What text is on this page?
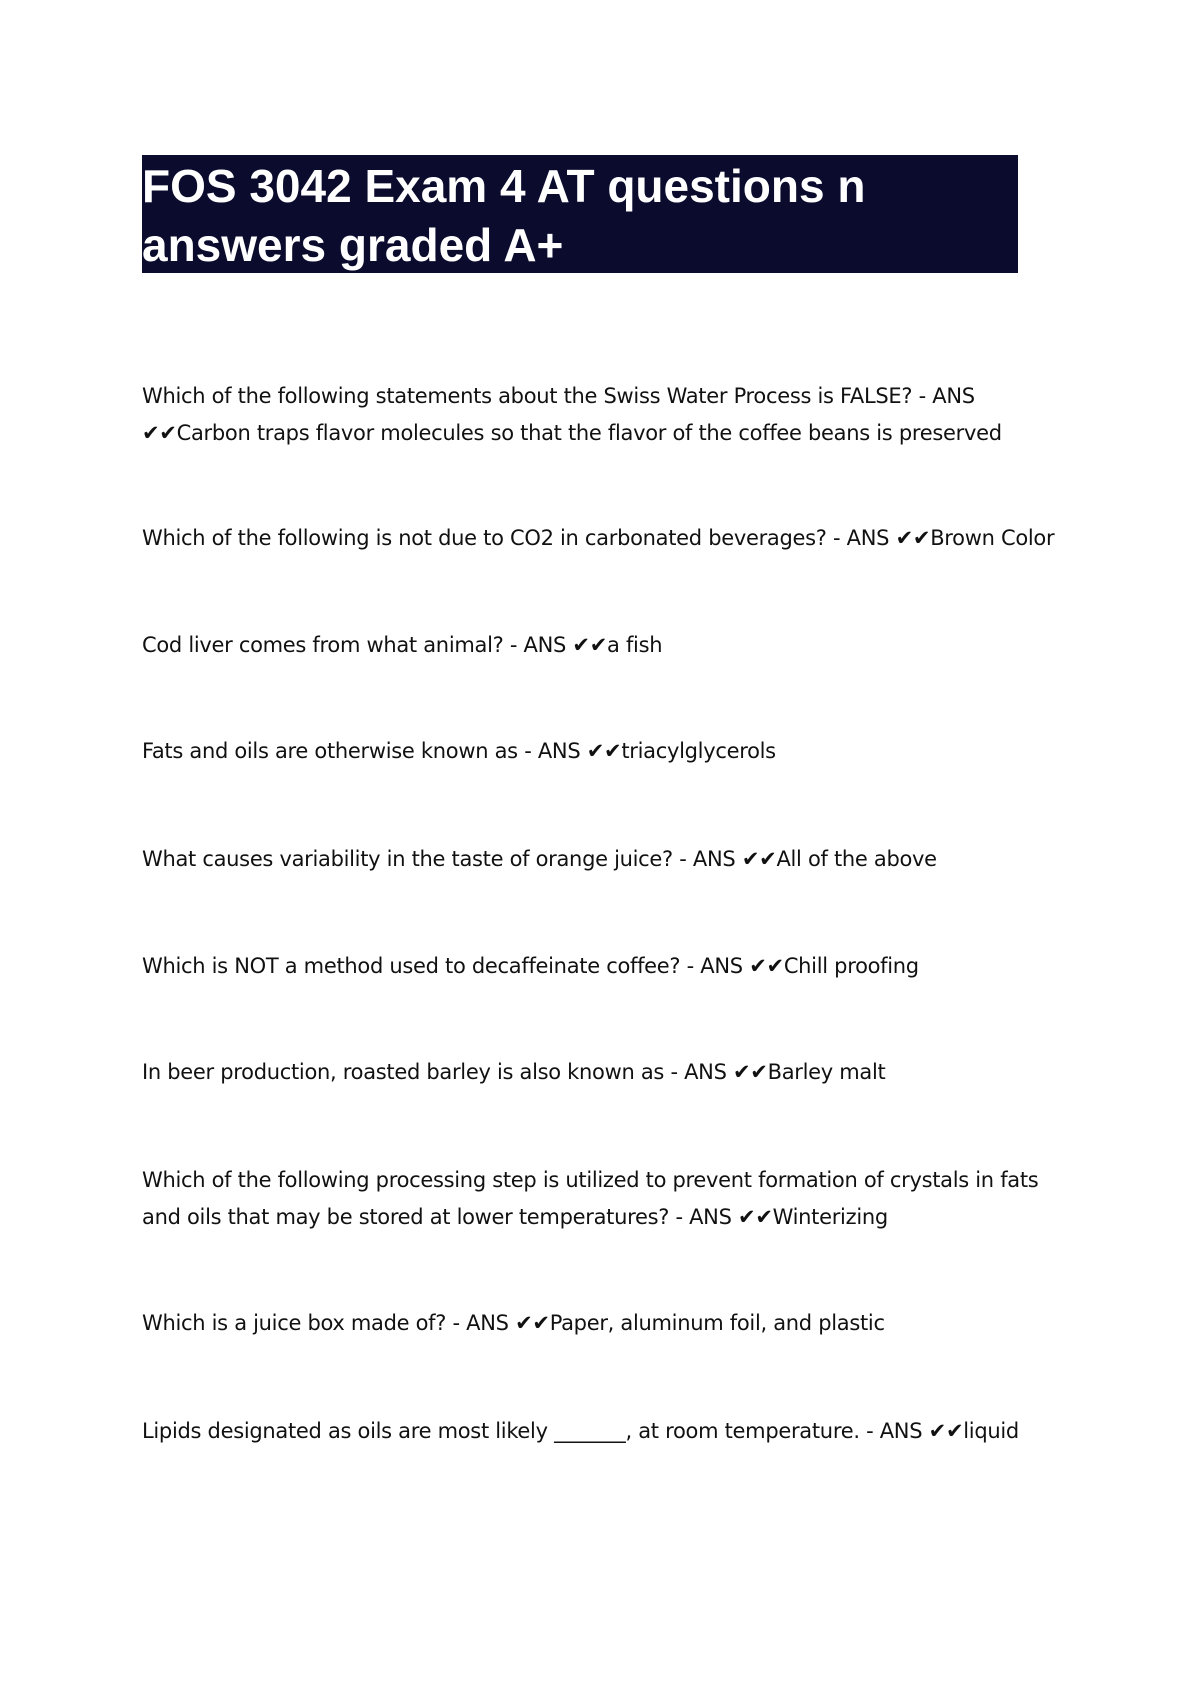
FOS 3042 Exam 4 AT questions n answers graded A+
Which of the following statements about the Swiss Water Process is FALSE? - ANS ✔✔Carbon traps flavor molecules so that the flavor of the coffee beans is preserved
Which of the following is not due to CO2 in carbonated beverages? - ANS ✔✔Brown Color
Cod liver comes from what animal? - ANS ✔✔a fish
Fats and oils are otherwise known as - ANS ✔✔triacylglycerols
What causes variability in the taste of orange juice? - ANS ✔✔All of the above
Which is NOT a method used to decaffeinate coffee? - ANS ✔✔Chill proofing
In beer production, roasted barley is also known as - ANS ✔✔Barley malt
Which of the following processing step is utilized to prevent formation of crystals in fats and oils that may be stored at lower temperatures? - ANS ✔✔Winterizing
Which is a juice box made of? - ANS ✔✔Paper, aluminum foil, and plastic
Lipids designated as oils are most likely _______, at room temperature. - ANS ✔✔liquid
